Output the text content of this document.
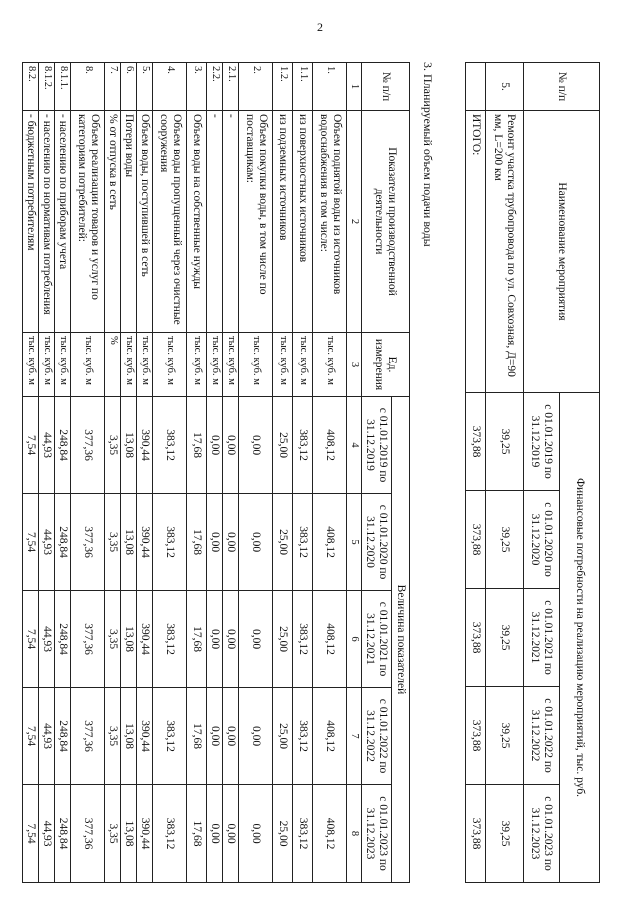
2
№ п/п	Наименование мероприятия	Финансовые потребности на реализацию мероприятий, тыс. руб.				
		с 01.01.2019 по 31.12.2019	с 01.01.2020 по 31.12.2020	с 01.01.2021 по 31.12.2021	с 01.01.2022 по 31.12.2022	с 01.01.2023 по 31.12.2023
5.	Ремонт участка трубопровода по ул. Совхозная, Д=90 мм, L=200 км	39,25	39,25	39,25	39,25	39,25
	ИТОГО:	373,88	373,88	373,88	373,88	373,88
3. Планируемый объем подачи воды
№ п/п	Показатели производственной деятельности	Ед. измерения	Величина показателей				
			с 01.01.2019 по 31.12.2019	с 01.01.2020 по 31.12.2020	с 01.01.2021 по 31.12.2021	с 01.01.2022 по 31.12.2022	с 01.01.2023 по 31.12.2023
1	2	3	4	5	6	7	8
1.	Объем поднятой воды из источников водоснабжения в том числе:	тыс. куб. м	408,12	408,12	408,12	408,12	408,12
1.1.	из поверхностных источников	тыс. куб. м	383,12	383,12	383,12	383,12	383,12
1.2.	из подземных источников	тыс. куб. м	25,00	25,00	25,00	25,00	25,00
2.	Объем покупки воды, в том числе по поставщикам:	тыс. куб. м	0,00	0,00	0,00	0,00	0,00
2.1.	-	тыс. куб. м	0,00	0,00	0,00	0,00	0,00
2.2.	-	тыс. куб. м	0,00	0,00	0,00	0,00	0,00
3.	Объем воды на собственные нужды	тыс. куб. м	17,68	17,68	17,68	17,68	17,68
4.	Объем воды пропущенный через очистные сооружения	тыс. куб. м	383,12	383,12	383,12	383,12	383,12
5.	Объем воды, поступившей в сеть	тыс. куб. м	390,44	390,44	390,44	390,44	390,44
6.	Потери воды	тыс. куб. м	13,08	13,08	13,08	13,08	13,08
7.	% от отпуска в сеть	%	3,35	3,35	3,35	3,35	3,35
8.	Объем реализации товаров и услуг по категориям потребителей:	тыс. куб. м	377,36	377,36	377,36	377,36	377,36
8.1.1.	- населению по приборам учета	тыс. куб. м	248,84	248,84	248,84	248,84	248,84
8.1.2.	- населению по нормативам потребления	тыс. куб. м	44,93	44,93	44,93	44,93	44,93
8.2.	- бюджетным потребителям	тыс. куб. м	7,54	7,54	7,54	7,54	7,54
